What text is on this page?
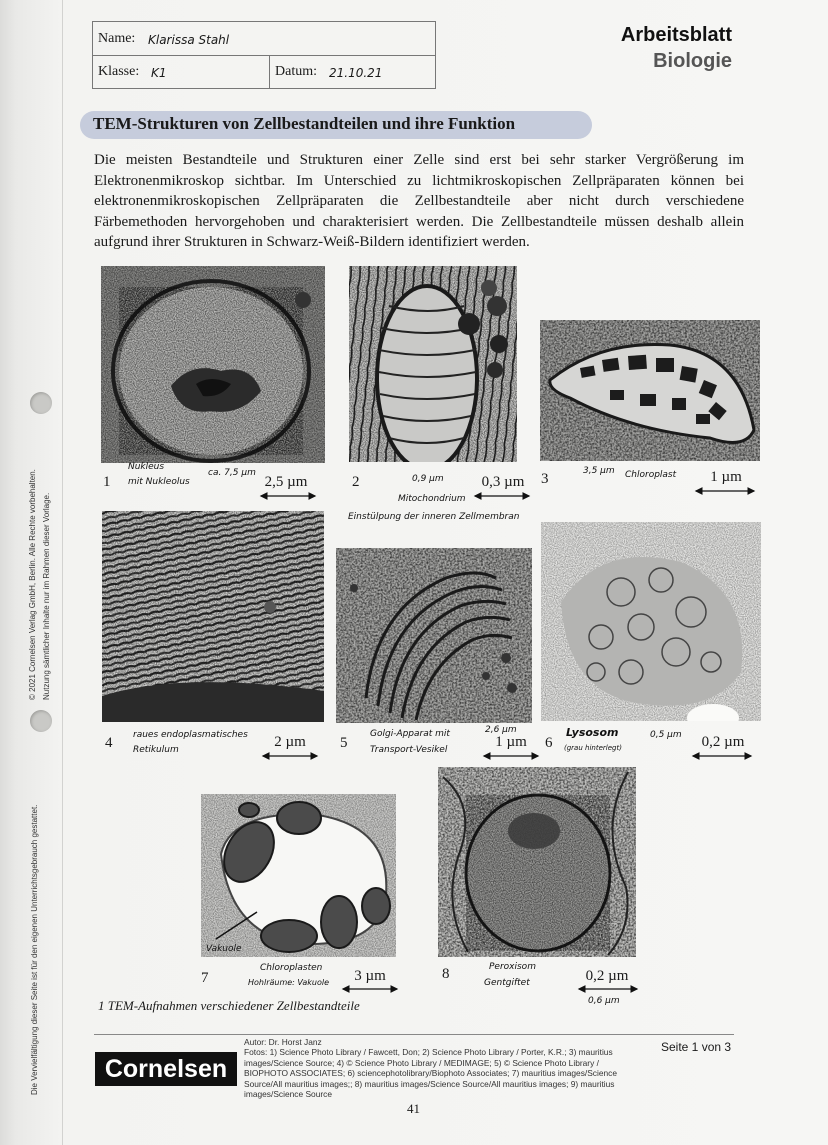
© 2021 Cornelsen Verlag GmbH, Berlin. Alle Rechte vorbehalten. Nutzung sämtlicher Inhalte nur im Rahmen dieser Vorlage.
Die Vervielfältigung dieser Seite ist für den eigenen Unterrichtsgebrauch gestattet.
Name: Klarissa Stahl
Klasse: K1	Datum: 21.10.21
Arbeitsblatt
Biologie
TEM-Strukturen von Zellbestandteilen und ihre Funktion
Die meisten Bestandteile und Strukturen einer Zelle sind erst bei sehr starker Vergrößerung im Elektronenmikroskop sichtbar. Im Unterschied zu lichtmikroskopischen Zellpräparaten können bei elektronenmikroskopischen Zellpräparaten die Zellbestandteile aber nicht durch verschiedene Färbemethoden hervorgehoben und charakterisiert werden. Die Zellbestandteile müssen deshalb allein aufgrund ihrer Strukturen in Schwarz-Weiß-Bildern identifiziert werden.
1
Nukleus
mit Nukleolus
ca. 7,5 µm
2,5 µm	2	0,9 µm
Mitochondrium
Einstülpung der inneren Zellmembran
0,3 µm	3	3,5 µm Chloroplast	1 µm
4 raues endoplasmatisches
Retikulum	2 µm	5
Golgi-Apparat mit
Transport-Vesikel
2,6 µm
1 µm	6
Lysosom
(grau hinterlegt)
0,5 µm	0,2 µm
7
Vakuole
Chloroplasten
Hohlräume: Vakuole	3 µm	8	Peroxisom
Gentgiftet
0,6 µm
0,2 µm
1 TEM-Aufnahmen verschiedener Zellbestandteile
Cornelsen
Autor: Dr. Horst Janz
Fotos: 1) Science Photo Library / Fawcett, Don; 2) Science Photo Library / Porter, K.R.; 3) mauritius images/Science Source; 4) © Science Photo Library / MEDIMAGE; 5) © Science Photo Library / BIOPHOTO ASSOCIATES; 6) sciencephotolibrary/Biophoto Associates; 7) mauritius images/Science Source/All mauritius images;; 8) mauritius images/Science Source/All mauritius images; 9) mauritius images/Science Source
Seite 1 von 3
41
